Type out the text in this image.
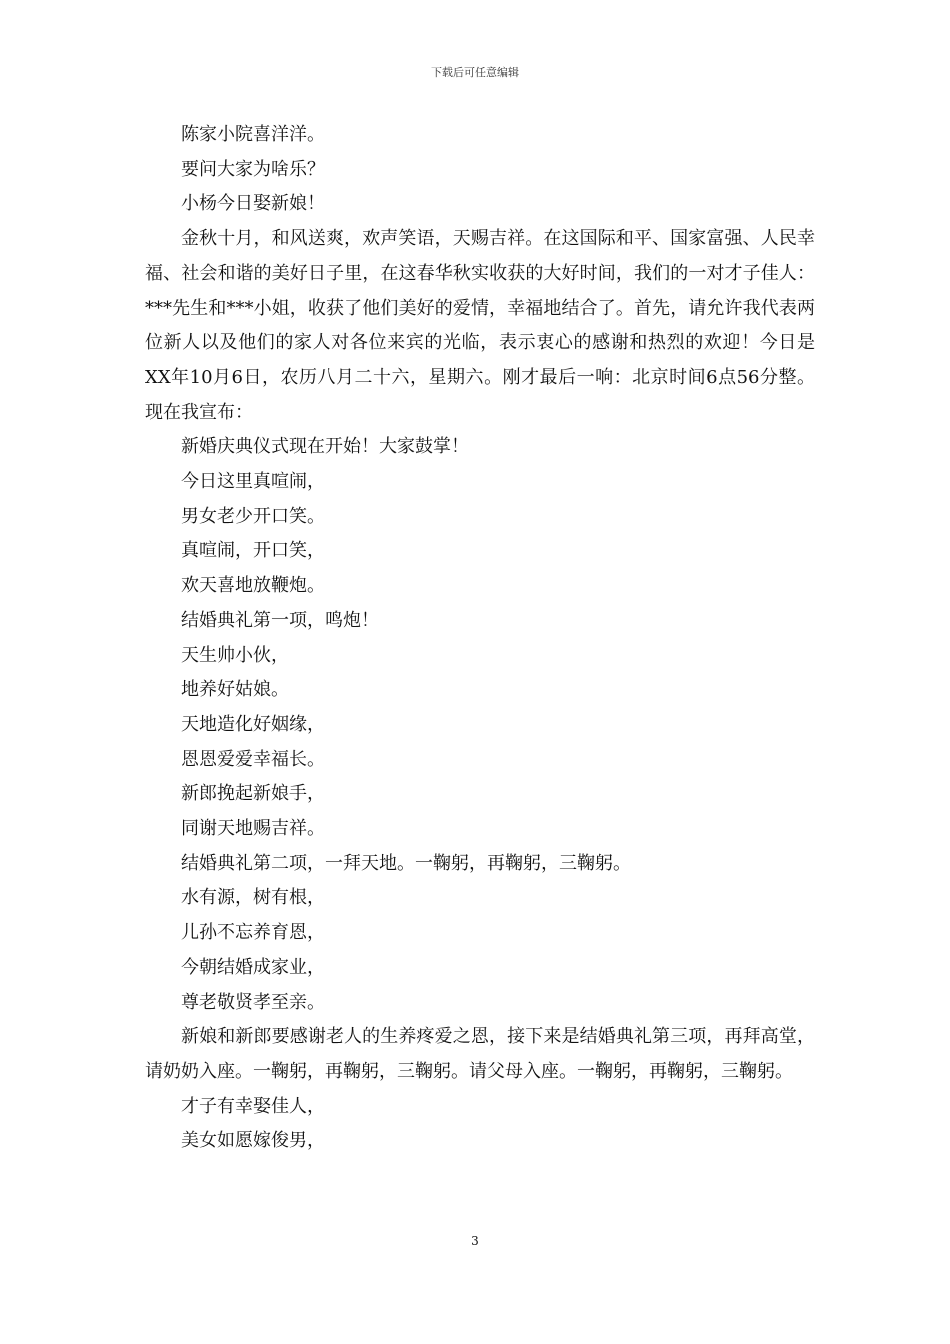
下载后可任意编辑

陈家小院喜洋洋。

要问大家为啥乐？

小杨今日娶新娘！

金秋十月，和风送爽，欢声笑语，天赐吉祥。在这国际和平、国家富强、人民幸福、社会和谐的美好日子里，在这春华秋实收获的大好时间，我们的一对才子佳人：***先生和***小姐，收获了他们美好的爱情，幸福地结合了。首先，请允许我代表两位新人以及他们的家人对各位来宾的光临，表示衷心的感谢和热烈的欢迎！今日是XX年10月6日，农历八月二十六，星期六。刚才最后一响：北京时间6点56分整。现在我宣布：

新婚庆典仪式现在开始！大家鼓掌！

今日这里真喧闹，

男女老少开口笑。

真喧闹，开口笑，

欢天喜地放鞭炮。

结婚典礼第一项，鸣炮！

天生帅小伙，

地养好姑娘。

天地造化好姻缘，

恩恩爱爱幸福长。

新郎挽起新娘手，

同谢天地赐吉祥。

结婚典礼第二项，一拜天地。一鞠躬，再鞠躬，三鞠躬。

水有源，树有根，

儿孙不忘养育恩，

今朝结婚成家业，

尊老敬贤孝至亲。

新娘和新郎要感谢老人的生养疼爱之恩，接下来是结婚典礼第三项，再拜高堂，请奶奶入座。一鞠躬，再鞠躬，三鞠躬。请父母入座。一鞠躬，再鞠躬，三鞠躬。

才子有幸娶佳人，

美女如愿嫁俊男，

3
